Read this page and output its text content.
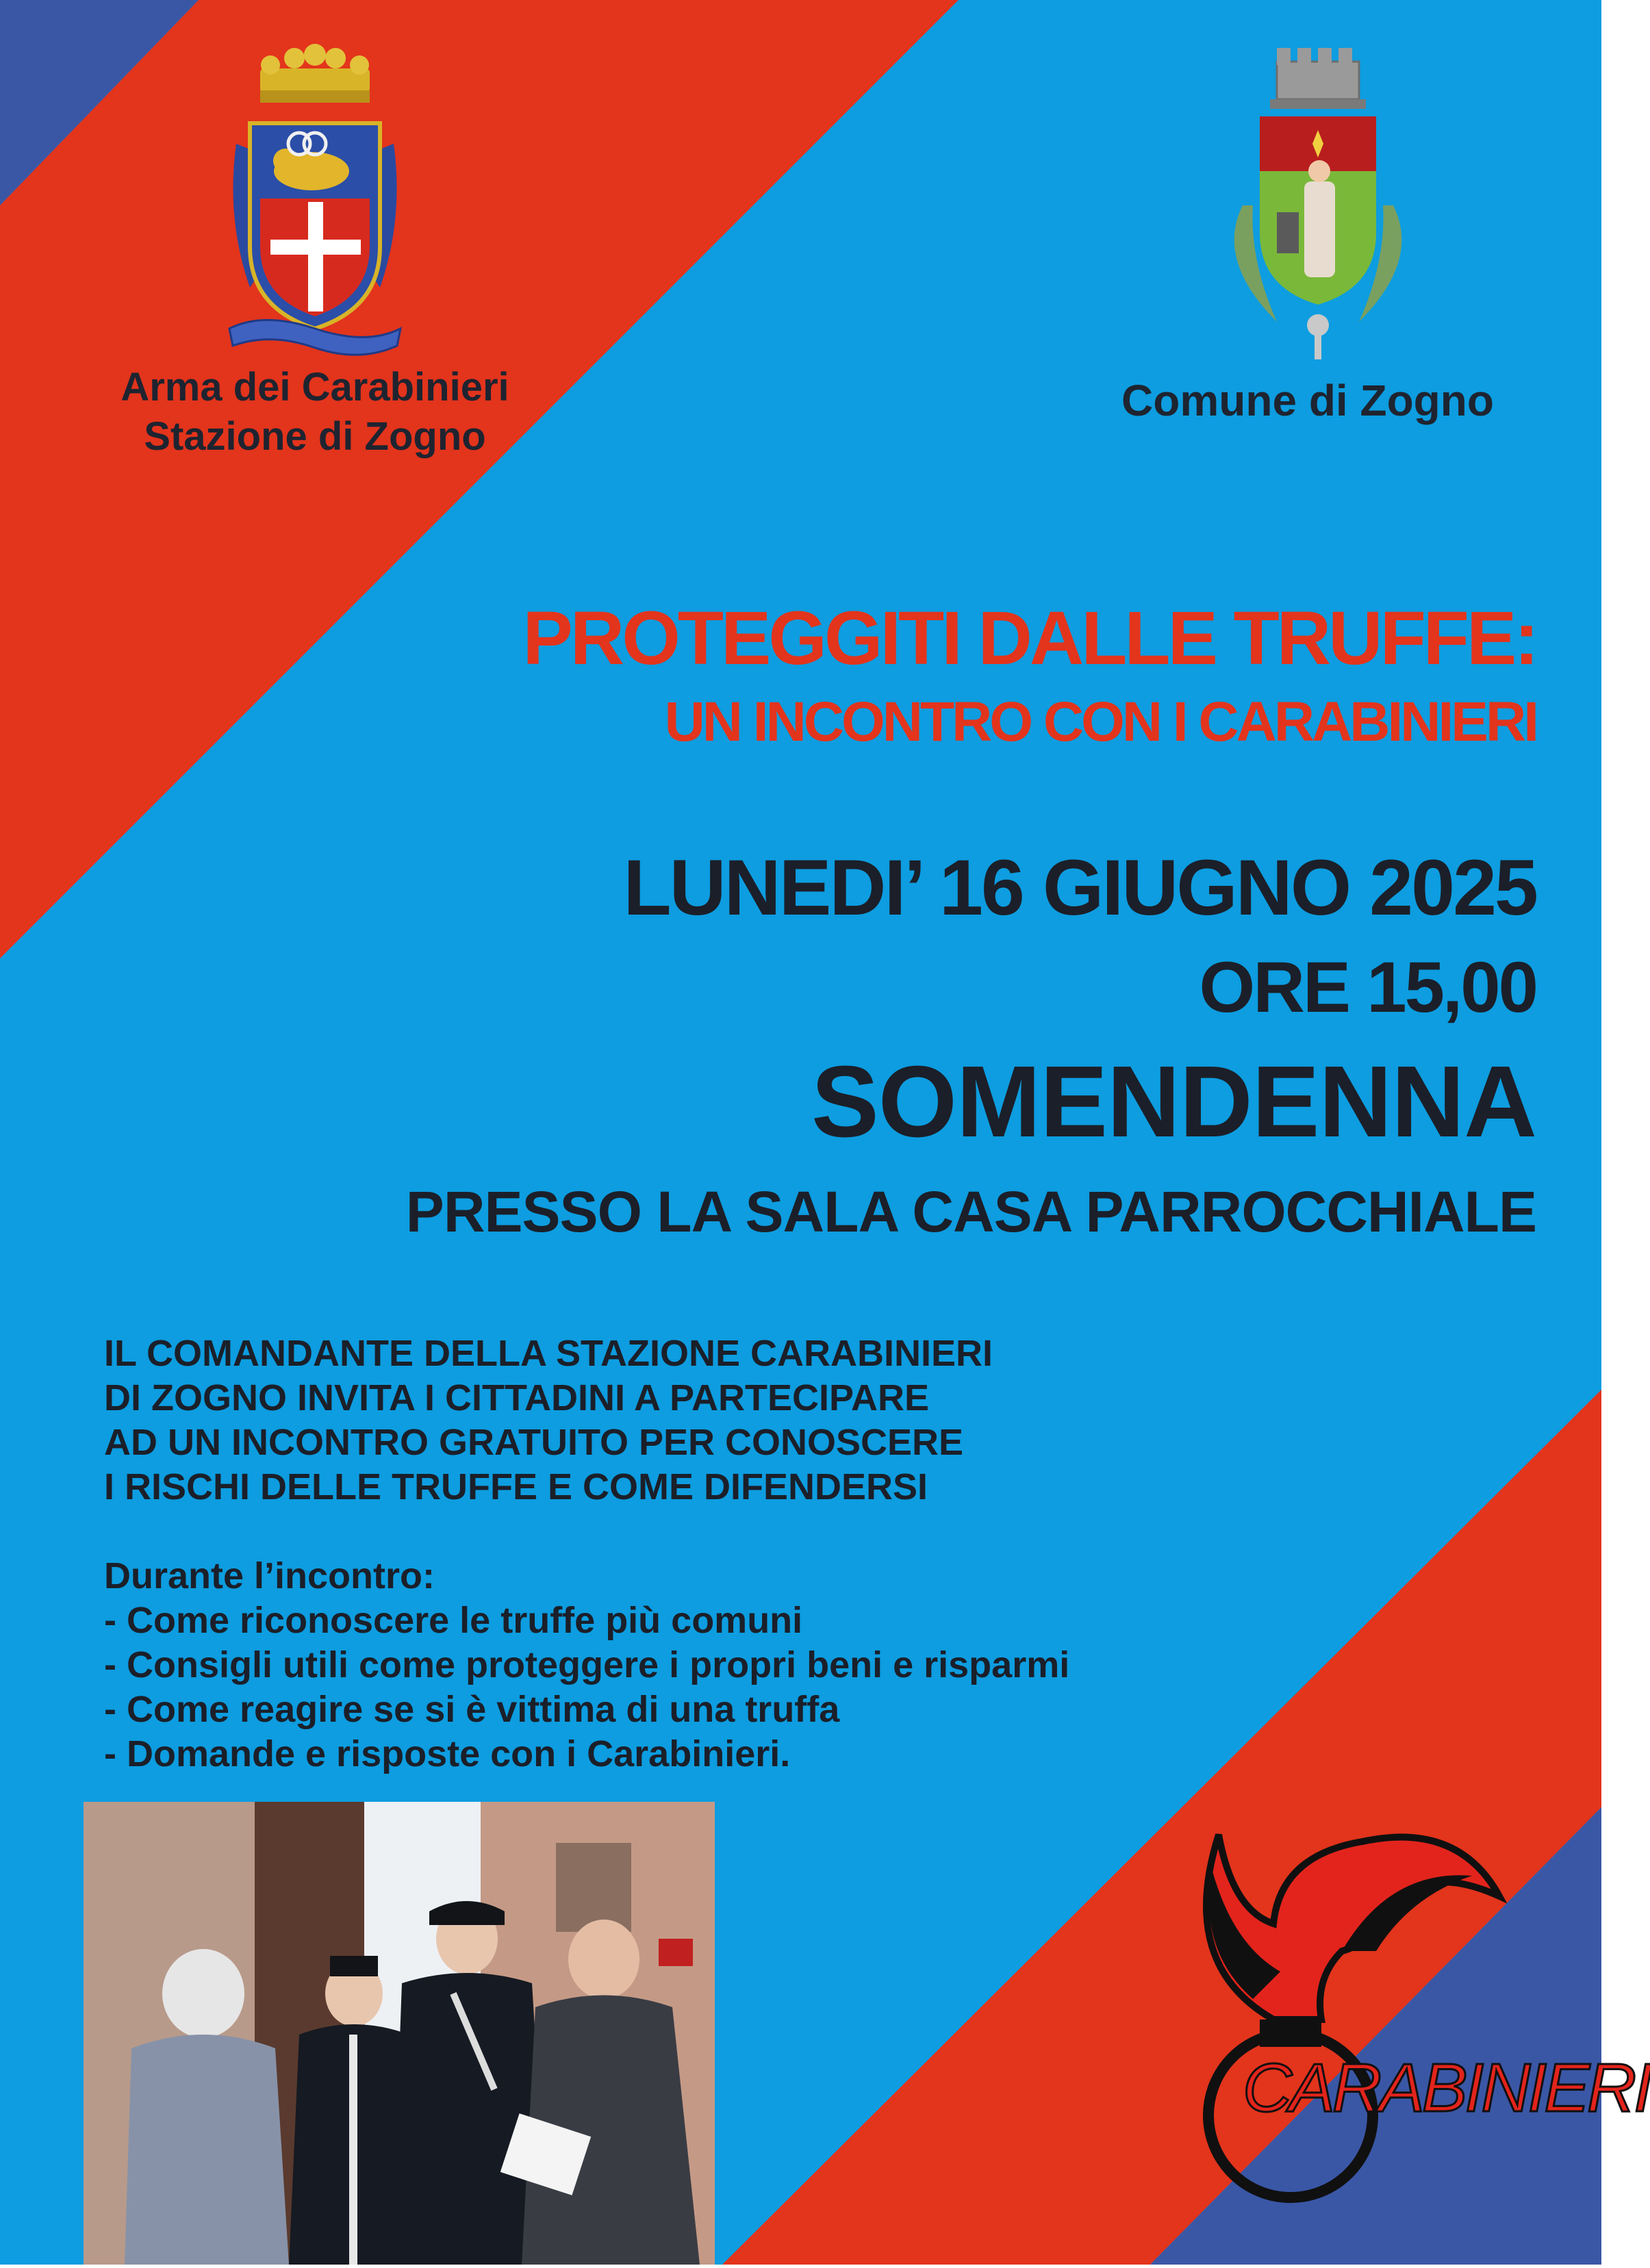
Arma dei Carabinieri
Stazione di Zogno
Comune di Zogno
PROTEGGITI DALLE TRUFFE:
UN INCONTRO CON I CARABINIERI
LUNEDI’ 16 GIUGNO 2025
ORE 15,00
SOMENDENNA
PRESSO LA SALA CASA PARROCCHIALE
IL COMANDANTE DELLA STAZIONE CARABINIERI
DI ZOGNO INVITA I CITTADINI A PARTECIPARE
AD UN INCONTRO GRATUITO PER CONOSCERE
I RISCHI DELLE TRUFFE E COME DIFENDERSI
Durante l’incontro:
- Come riconoscere le truffe più comuni
- Consigli utili come proteggere i propri beni e risparmi
- Come reagire se si è vittima di una truffa
- Domande e risposte con i Carabinieri.
CARABINIERI
